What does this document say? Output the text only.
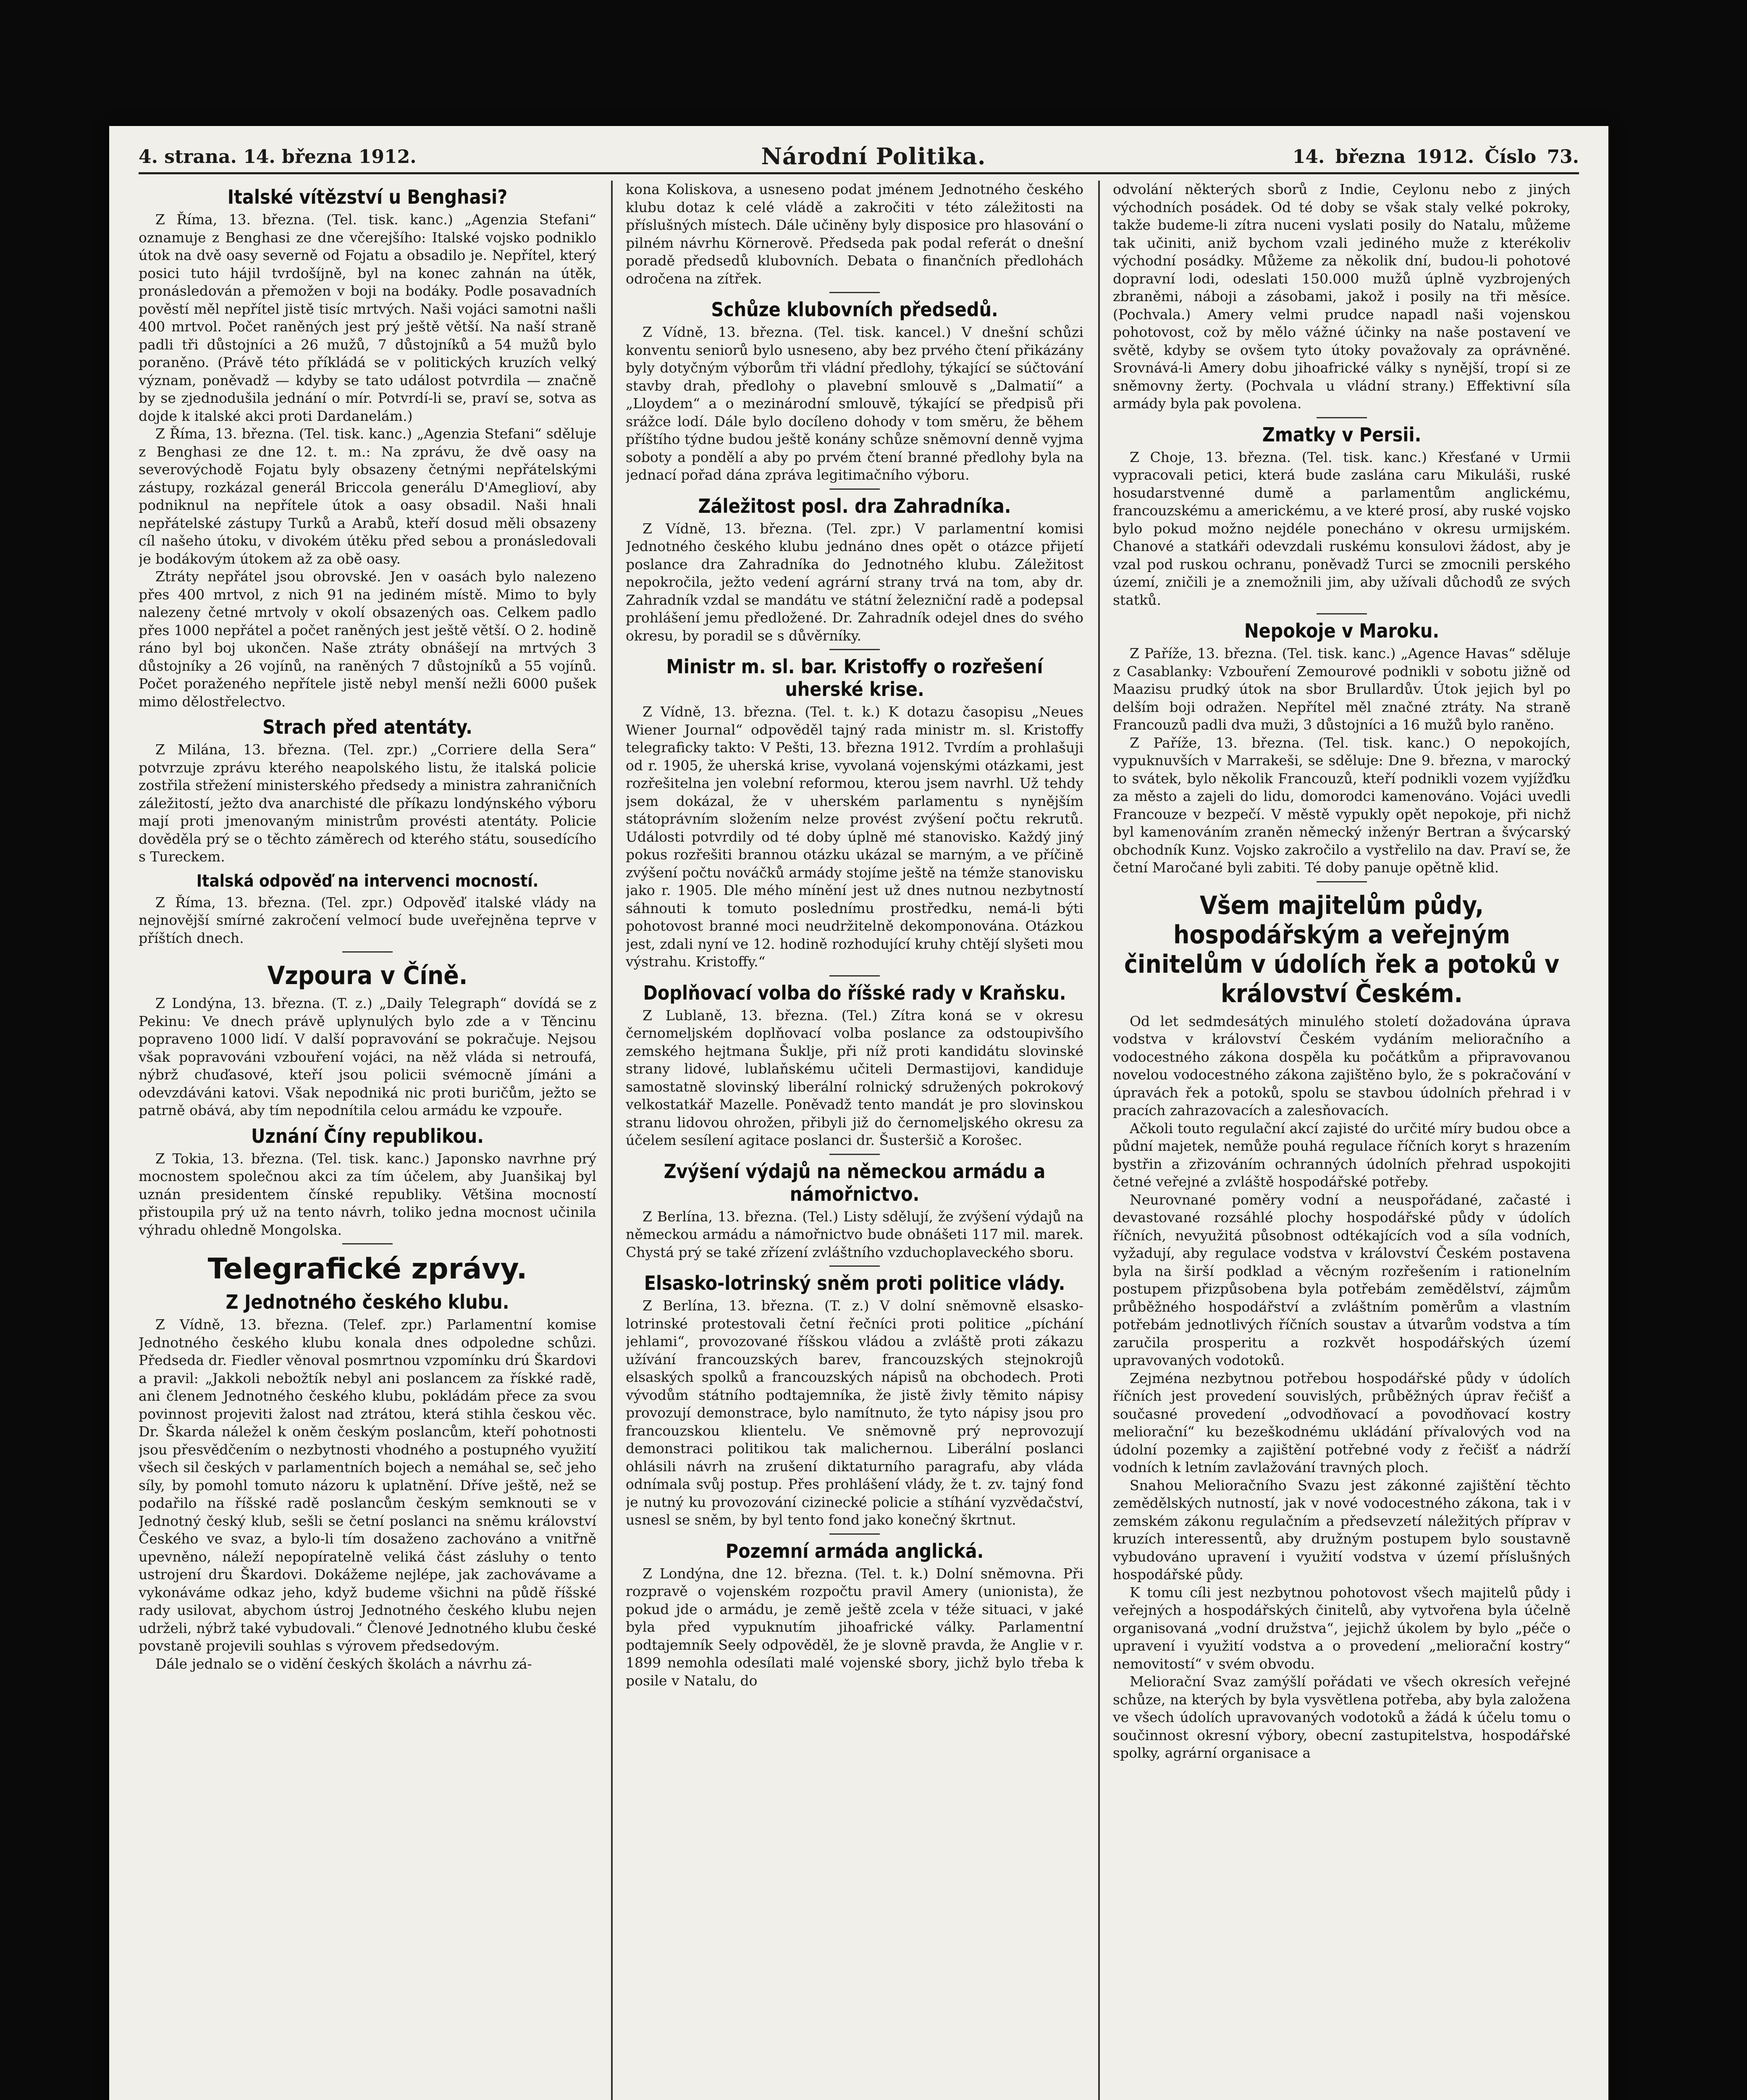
4. strana. 14. března 1912.	Národní Politika.	14. března 1912. Číslo 73.
Italské vítězství u Benghasi?

Z Říma, 13. března. (Tel. tisk. kanc.) „Agenzia Stefani“ oznamuje z Benghasi ze dne včerejšího: Italské vojsko podniklo útok na dvě oasy severně od Fojatu a obsadilo je. Nepřítel, který posici tuto hájil tvrdošíjně, byl na konec zahnán na útěk, pronásledován a přemožen v boji na bodáky. Podle posavadních pověstí měl nepřítel jistě tisíc mrtvých. Naši vojáci samotni našli 400 mrtvol. Počet raněných jest prý ještě větší. Na naší straně padli tři důstojníci a 26 mužů, 7 důstojníků a 54 mužů bylo poraněno. (Právě této příkládá se v politických kruzích velký význam, poněvadž — kdyby se tato událost potvrdila — značně by se zjednodušila jednání o mír. Potvrdí-li se, praví se, sotva as dojde k italské akci proti Dardanelám.)

Z Říma, 13. března. (Tel. tisk. kanc.) „Agenzia Stefani“ sděluje z Benghasi ze dne 12. t. m.: Na zprávu, že dvě oasy na severovýchodě Fojatu byly obsazeny četnými nepřátelskými zástupy, rozkázal generál Briccola generálu D'Ameglioví, aby podniknul na nepřítele útok a oasy obsadil. Naši hnali nepřátelské zástupy Turků a Arabů, kteří dosud měli obsazeny cíl našeho útoku, v divokém útěku před sebou a pronásledovali je bodákovým útokem až za obě oasy.

Ztráty nepřátel jsou obrovské. Jen v oasách bylo nalezeno přes 400 mrtvol, z nich 91 na jediném místě. Mimo to byly nalezeny četné mrtvoly v okolí obsazených oas. Celkem padlo přes 1000 nepřátel a počet raněných jest ještě větší. O 2. hodině ráno byl boj ukončen. Naše ztráty obnášejí na mrtvých 3 důstojníky a 26 vojínů, na raněných 7 důstojníků a 55 vojínů. Počet poraženého nepřítele jistě nebyl menší nežli 6000 pušek mimo dělostřelectvo.

Strach před atentáty.

Z Milána, 13. března. (Tel. zpr.) „Corriere della Sera“ potvrzuje zprávu kterého neapolského listu, že italská policie zostřila střežení ministerského předsedy a ministra zahraničních záležitostí, ježto dva anarchisté dle příkazu londýnského výboru mají proti jmenovaným ministrům provésti atentáty. Policie dověděla prý se o těchto záměrech od kterého státu, sousedícího s Tureckem.

Italská odpověď na intervenci mocností.

Z Říma, 13. března. (Tel. zpr.) Odpověď italské vlády na nejnovější smírné zakročení velmocí bude uveřejněna teprve v příštích dnech.

Vzpoura v Číně.

Z Londýna, 13. března. (T. z.) „Daily Telegraph“ dovídá se z Pekinu: Ve dnech právě uplynulých bylo zde a v Těncinu popraveno 1000 lidí. V další popravování se pokračuje. Nejsou však popravováni vzbouření vojáci, na něž vláda si netroufá, nýbrž chuďasové, kteří jsou policii svémocně jímáni a odevzdáváni katovi. Však nepodniká nic proti buričům, ježto se patrně obává, aby tím nepodnítila celou armádu ke vzpouře.

Uznání Číny republikou.

Z Tokia, 13. března. (Tel. tisk. kanc.) Japonsko navrhne prý mocnostem společnou akci za tím účelem, aby Juanšikaj byl uznán presidentem čínské republiky. Většina mocností přistoupila prý už na tento návrh, toliko jedna mocnost učinila výhradu ohledně Mongolska.

Telegrafické zprávy.
Z Jednotného českého klubu.

Z Vídně, 13. března. (Telef. zpr.) Parlamentní komise Jednotného českého klubu konala dnes odpoledne schůzi. Předseda dr. Fiedler věnoval posmrtnou vzpomínku drú Škardovi a pravil: „Jakkoli nebožtík nebyl ani poslancem za řískké radě, ani členem Jednotného českého klubu, pokládám přece za svou povinnost projeviti žalost nad ztrátou, která stihla českou věc. Dr. Škarda náležel k oněm českým poslancům, kteří pohotnosti jsou přesvědčením o nezbytnosti vhodného a postupného využití všech sil českých v parlamentních bojech a nemáhal se, seč jeho síly, by pomohl tomuto názoru k uplatnění. Dříve ještě, než se podařilo na říšské radě poslancům českým semknouti se v Jednotný český klub, sešli se četní poslanci na sněmu království Českého ve svaz, a bylo-li tím dosaženo zachováno a vnitřně upevněno, náleží nepopíratelně veliká část zásluhy o tento ustrojení dru Škardovi. Dokážeme nejlépe, jak zachovávame a vykonáváme odkaz jeho, když budeme všichni na půdě říšské rady usilovat, abychom ústroj Jednotného českého klubu nejen udrželi, nýbrž také vybudovali.“ Členové Jednotného klubu české povstaně projevili souhlas s výrovem předsedovým.

Dále jednalo se o vidění českých školách a návrhu zá-

kona Koliskova, a usneseno podat jménem Jednotného českého klubu dotaz k celé vládě a zakročiti v této záležitosti na příslušných místech. Dále učiněny byly disposice pro hlasování o pilném návrhu Körnerově. Předseda pak podal referát o dnešní poradě předsedů klubovních. Debata o finančních předlohách odročena na zítřek.

Schůze klubovních předsedů.

Z Vídně, 13. března. (Tel. tisk. kancel.) V dnešní schůzi konventu seniorů bylo usneseno, aby bez prvého čtení přikázány byly dotyčným výborům tři vládní předlohy, týkající se súčtování stavby drah, předlohy o plavební smlouvě s „Dalmatií“ a „Lloydem“ a o mezinárodní smlouvě, týkající se předpisů při srážce lodí. Dále bylo docíleno dohody v tom směru, že během příštího týdne budou ještě konány schůze sněmovní denně vyjma soboty a pondělí a aby po prvém čtení branné předlohy byla na jednací pořad dána zpráva legitimačního výboru.

Záležitost posl. dra Zahradníka.

Z Vídně, 13. března. (Tel. zpr.) V parlamentní komisi Jednotného českého klubu jednáno dnes opět o otázce přijetí poslance dra Zahradníka do Jednotného klubu. Záležitost nepokročila, ježto vedení agrární strany trvá na tom, aby dr. Zahradník vzdal se mandátu ve státní železniční radě a podepsal prohlášení jemu předložené. Dr. Zahradník odejel dnes do svého okresu, by poradil se s důvěrníky.

Ministr m. sl. bar. Kristoffy o rozřešení uherské krise.

Z Vídně, 13. března. (Tel. t. k.) K dotazu časopisu „Neues Wiener Journal“ odpověděl tajný rada ministr m. sl. Kristoffy telegraficky takto: V Pešti, 13. března 1912. Tvrdím a prohlašuji od r. 1905, že uherská krise, vyvolaná vojenskými otázkami, jest rozřešitelna jen volební reformou, kterou jsem navrhl. Už tehdy jsem dokázal, že v uherském parlamentu s nynějším státoprávním složením nelze provést zvýšení počtu rekrutů. Události potvrdily od té doby úplně mé stanovisko. Každý jiný pokus rozřešiti brannou otázku ukázal se marným, a ve příčině zvýšení počtu nováčků armády stojíme ještě na témže stanovisku jako r. 1905. Dle mého mínění jest už dnes nutnou nezbytností sáhnouti k tomuto poslednímu prostředku, nemá-li býti pohotovost branné moci neudržitelně dekomponována. Otázkou jest, zdali nyní ve 12. hodině rozhodující kruhy chtějí slyšeti mou výstrahu. Kristoffy.“

Doplňovací volba do říšské rady v Kraňsku.

Z Lublaně, 13. března. (Tel.) Zítra koná se v okresu černomeljském doplňovací volba poslance za odstoupivšího zemského hejtmana Šuklje, při níž proti kandidátu slovinské strany lidové, lublaňskému učiteli Dermastijovi, kandiduje samostatně slovinský liberální rolnický sdružených pokrokový velkostatkář Mazelle. Poněvadž tento mandát je pro slovinskou stranu lidovou ohrožen, přibyli již do černomeljského okresu za účelem sesílení agitace poslanci dr. Šusteršič a Korošec.

Zvýšení výdajů na německou armádu a námořnictvo.

Z Berlína, 13. března. (Tel.) Listy sdělují, že zvýšení výdajů na německou armádu a námořnictvo bude obnášeti 117 mil. marek. Chystá prý se také zřízení zvláštního vzduchoplaveckého sboru.

Elsasko-lotrinský sněm proti politice vlády.

Z Berlína, 13. března. (T. z.) V dolní sněmovně elsasko-lotrinské protestovali četní řečníci proti politice „píchání jehlami“, provozované říšskou vládou a zvláště proti zákazu užívání francouzských barev, francouzských stejnokrojů elsaských spolků a francouzských nápisů na obchodech. Proti vývodům státního podtajemníka, že jistě živly těmito nápisy provozují demonstrace, bylo namítnuto, že tyto nápisy jsou pro francouzskou klientelu. Ve sněmovně prý neprovozují demonstraci politikou tak malichernou. Liberální poslanci ohlásili návrh na zrušení diktaturního paragrafu, aby vláda odnímala svůj postup. Přes prohlášení vlády, že t. zv. tajný fond je nutný ku provozování cizinecké policie a stíhání vyzvědačství, usnesl se sněm, by byl tento fond jako konečný škrtnut.

Pozemní armáda anglická.

Z Londýna, dne 12. března. (Tel. t. k.) Dolní sněmovna. Při rozpravě o vojenském rozpočtu pravil Amery (unionista), že pokud jde o armádu, je země ještě zcela v téže situaci, v jaké byla před vypuknutím jihoafrické války. Parlamentní podtajemník Seely odpověděl, že je slovně pravda, že Anglie v r. 1899 nemohla odesílati malé vojenské sbory, jichž bylo třeba k posile v Natalu, do

odvolání některých sborů z Indie, Ceylonu nebo z jiných východních posádek. Od té doby se však staly velké pokroky, takže budeme-li zítra nuceni vyslati posily do Natalu, můžeme tak učiniti, aniž bychom vzali jediného muže z kterékoliv východní posádky. Můžeme za několik dní, budou-li pohotové dopravní lodi, odeslati 150.000 mužů úplně vyzbrojených zbraněmi, náboji a zásobami, jakož i posily na tři měsíce. (Pochvala.) Amery velmi prudce napadl naši vojenskou pohotovost, což by mělo vážné účinky na naše postavení ve světě, kdyby se ovšem tyto útoky považovaly za oprávněné. Srovnává-li Amery dobu jihoafrické války s nynější, tropí si ze sněmovny žerty. (Pochvala u vládní strany.) Effektivní síla armády byla pak povolena.

Zmatky v Persii.

Z Choje, 13. března. (Tel. tisk. kanc.) Křesťané v Urmii vypracovali petici, která bude zaslána caru Mikuláši, ruské hosudarstvenné dumě a parlamentům anglickému, francouzskému a americkému, a ve které prosí, aby ruské vojsko bylo pokud možno nejdéle ponecháno v okresu urmijském. Chanové a statkáři odevzdali ruskému konsulovi žádost, aby je vzal pod ruskou ochranu, poněvadž Turci se zmocnili perského území, zničili je a znemožnili jim, aby užívali důchodů ze svých statků.

Nepokoje v Maroku.

Z Paříže, 13. března. (Tel. tisk. kanc.) „Agence Havas“ sděluje z Casablanky: Vzbouření Zemourové podnikli v sobotu jižně od Maazisu prudký útok na sbor Brullardův. Útok jejich byl po delším boji odražen. Nepřítel měl značné ztráty. Na straně Francouzů padli dva muži, 3 důstojníci a 16 mužů bylo raněno.

Z Paříže, 13. března. (Tel. tisk. kanc.) O nepokojích, vypuknuvších v Marrakeši, se sděluje: Dne 9. března, v marocký to svátek, bylo několik Francouzů, kteří podnikli vozem vyjížďku za město a zajeli do lidu, domorodci kamenováno. Vojáci uvedli Francouze v bezpečí. V městě vypukly opět nepokoje, při nichž byl kamenováním zraněn německý inženýr Bertran a švýcarský obchodník Kunz. Vojsko zakročilo a vystřelilo na dav. Praví se, že četní Maročané byli zabiti. Té doby panuje opětně klid.

Všem majitelům půdy, hospodářským a veřejným činitelům v údolích řek a potoků v království Českém.

Od let sedmdesátých minulého století dožadována úprava vodstva v království Českém vydáním melioračního a vodocestného zákona dospěla ku počátkům a připravovanou novelou vodocestného zákona zajištěno bylo, že s pokračování v úpravách řek a potoků, spolu se stavbou údolních přehrad i v pracích zahrazovacích a zalesňovacích.

Ačkoli touto regulační akcí zajisté do určité míry budou obce a půdní majetek, nemůže pouhá regulace říčních koryt s hrazením bystřin a zřizováním ochranných údolních přehrad uspokojiti četné veřejné a zvláště hospodářské potřeby.

Neurovnané poměry vodní a neuspořádané, začasté i devastované rozsáhlé plochy hospodářské půdy v údolích říčních, nevyužitá působnost odtékajících vod a síla vodních, vyžadují, aby regulace vodstva v království Českém postavena byla na širší podklad a věcným rozřešením i rationelním postupem přizpůsobena byla potřebám zemědělství, zájmům průběžného hospodářství a zvláštním poměrům a vlastním potřebám jednotlivých říčních soustav a útvarům vodstva a tím zaručila prosperitu a rozkvět hospodářských území upravovaných vodotoků.

Zejména nezbytnou potřebou hospodářské půdy v údolích říčních jest provedení souvislých, průběžných úprav řečišť a současné provedení „odvodňovací a povodňovací kostry meliorační“ ku bezeškodnému ukládání přívalových vod na údolní pozemky a zajištění potřebné vody z řečišť a nádrží vodních k letním zavlažování travných ploch.

Snahou Melioračního Svazu jest zákonné zajištění těchto zemědělských nutností, jak v nové vodocestného zákona, tak i v zemském zákonu regulačním a předsevzetí náležitých příprav v kruzích interessentů, aby družným postupem bylo soustavně vybudováno upravení i využití vodstva v území příslušných hospodářské půdy.

K tomu cíli jest nezbytnou pohotovost všech majitelů půdy i veřejných a hospodářských činitelů, aby vytvořena byla účelně organisovaná „vodní družstva“, jejichž úkolem by bylo „péče o upravení i využití vodstva a o provedení „meliorační kostry“ nemovitostí“ v svém obvodu.

Meliorační Svaz zamýšlí pořádati ve všech okresích veřejné schůze, na kterých by byla vysvětlena potřeba, aby byla založena ve všech údolích upravovaných vodotoků a žádá k účelu tomu o součinnost okresní výbory, obecní zastupitelstva, hospodářské spolky, agrární organisace a
